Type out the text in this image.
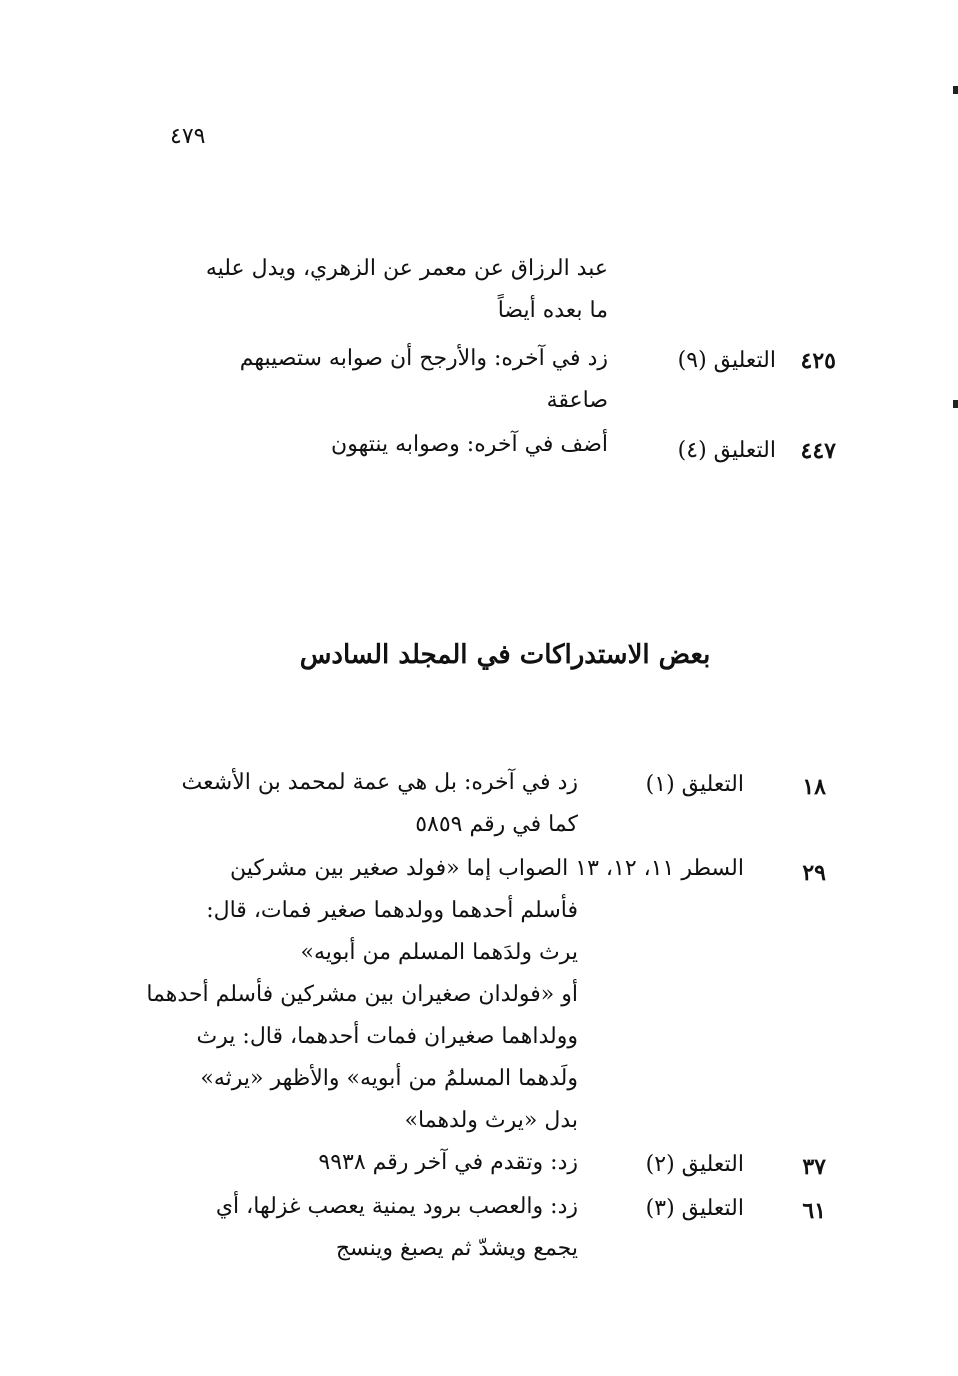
٤٧٩
عبد الرزاق عن معمر عن الزهري، ويدل عليه
ما بعده أيضاً
٤٢٥
التعليق (٩)
زد في آخره: والأرجح أن صوابه ستصيبهم
صاعقة
٤٤٧
التعليق (٤)
أضف في آخره: وصوابه ينتهون
بعض الاستدراكات في المجلد السادس
١٨
التعليق (١)
زد في آخره: بل هي عمة لمحمد بن الأشعث
كما في رقم ٥٨٥٩
٢٩
السطر ١١، ١٢، ١٣ الصواب إما «فولد صغير بين مشركين
فأسلم أحدهما وولدهما صغير فمات، قال:
يرث ولدَهما المسلم من أبويه»
أو «فولدان صغيران بين مشركين فأسلم أحدهما
وولداهما صغيران فمات أحدهما، قال: يرث
ولَدهما المسلمُ من أبويه» والأظهر «يرثه»
بدل «يرث ولدهما»
٣٧
التعليق (٢)
زد: وتقدم في آخر رقم ٩٩٣٨
٦١
التعليق (٣)
زد: والعصب برود يمنية يعصب غزلها، أي
يجمع ويشدّ ثم يصبغ وينسج
